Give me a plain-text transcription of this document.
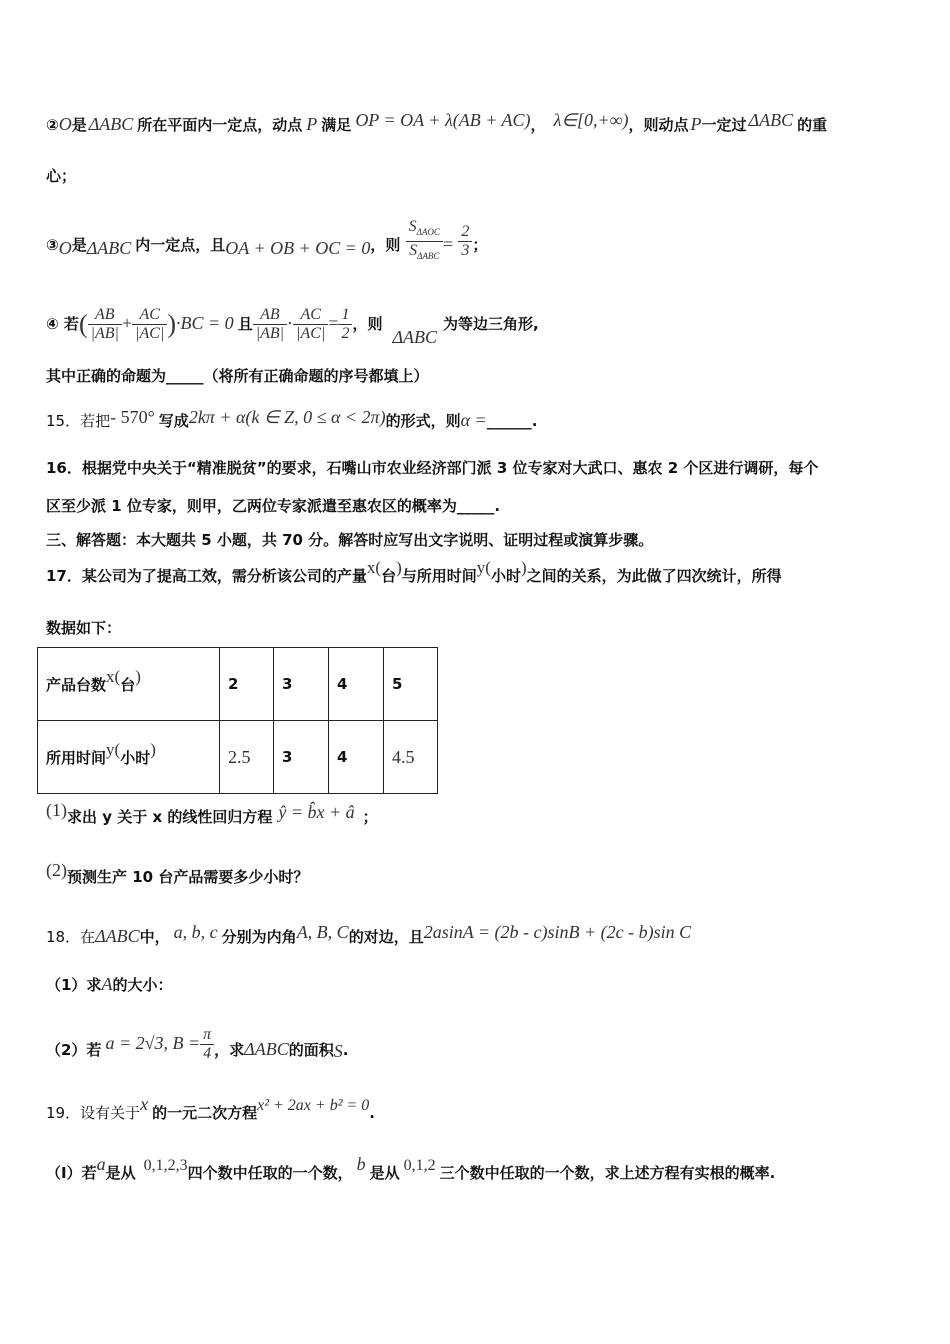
②O是 ΔABC 所在平面内一定点，动点 P 满足 OP = OA + λ(AB + AC)， λ∈[0,+∞)，则动点 P一定过 ΔABC 的重
心；
③O是ΔABC 内一定点，且OA + OB + OC = 0，则 $\frac{S_{\Delta AOC}}{S_{\Delta ABC}} = \frac{2}{3}$ ；
④ 若( $\frac{AB}{|AB|} + \frac{AC}{|AC|} )\cdot BC = 0$ 且 $\frac{AB}{|AB|} \cdot \frac{AC}{|AC|} = \frac{1}{2}$ ，则ΔABC为等边三角形,
其中正确的命题为_____（将所有正确命题的序号都填上）
15．若把- 570° 写成2kπ + α(k ∈ Z, 0 ≤ α < 2π)的形式，则α =______.
16．根据党中央关于“精准脱贫”的要求，石嘴山市农业经济部门派 3 位专家对大武口、惠农 2 个区进行调研，每个
区至少派 1 位专家，则甲，乙两位专家派遣至惠农区的概率为_____.
三、解答题：本大题共 5 小题，共 70 分。解答时应写出文字说明、证明过程或演算步骤。
17．某公司为了提高工效，需分析该公司的产量x(台)与所用时间y(小时)之间的关系，为此做了四次统计，所得
数据如下：
产品台数x(台)	2	3	4	5
所用时间y(小时)	2.5	3	4	4.5
(1)求出 y 关于 x 的线性回归方程 ŷ = b̂x + â ；
(2)预测生产 10 台产品需要多少小时？
18．在ΔABC中， a, b, c 分别为内角A, B, C的对边，且2asinA = (2b - c)sinB + (2c - b)sin C
（1）求A的大小：
（2）若 a = 2√3, $B = \frac{\pi}{4}$ ，求ΔABC的面积S.
19．设有关于x 的一元二次方程x² + 2ax + b² = 0.
（Ⅰ）若a是从 0,1,2,3四个数中任取的一个数， b 是从 0,1,2 三个数中任取的一个数，求上述方程有实根的概率.
